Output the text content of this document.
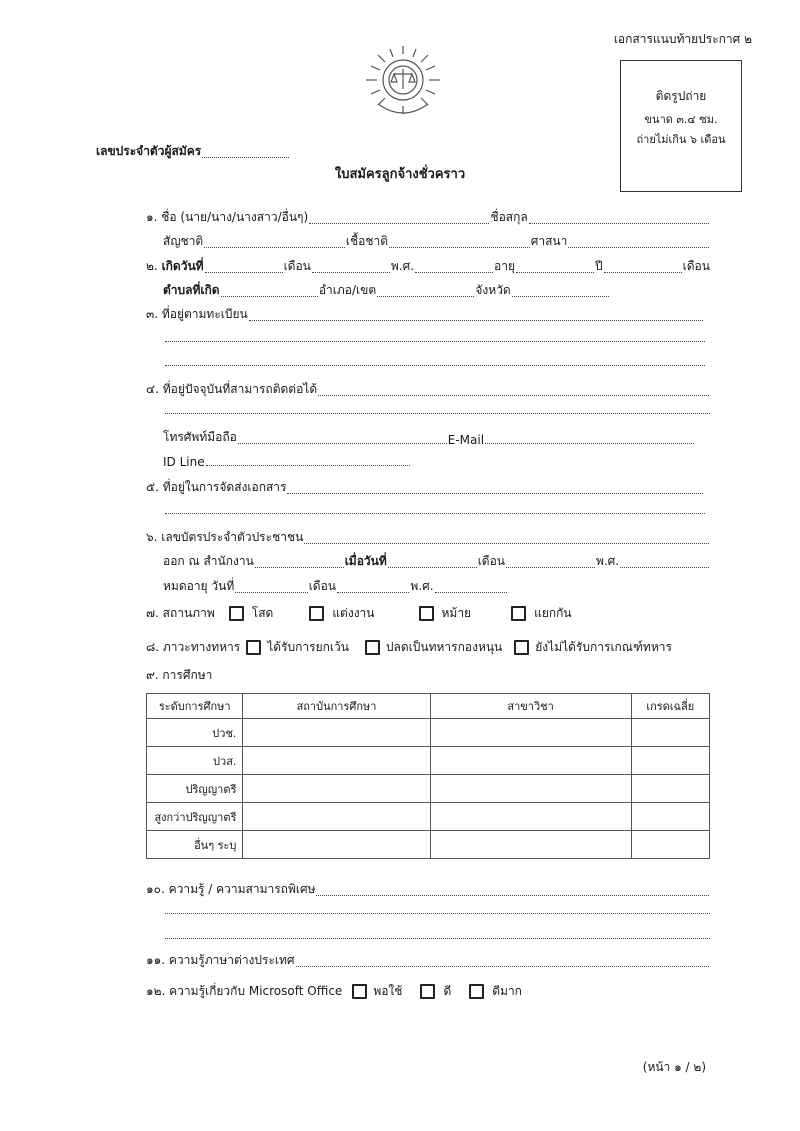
เอกสารแนบท้ายประกาศ ๒
ติดรูปถ่าย
ขนาด ๓.๔ ซม.
ถ่ายไม่เกิน ๖ เดือน
เลขประจำตัวผู้สมัคร
ใบสมัครลูกจ้างชั่วคราว
๑.
ชื่อ (นาย/นาง/นางสาว/อื่นๆ)	ชื่อสกุล
สัญชาติ	เชื้อชาติ	ศาสนา
๒.
เกิดวันที่	เดือน	พ.ศ.	อายุ	ปี	เดือน
ตำบลที่เกิด	อำเภอ/เขต	จังหวัด
๓. ที่อยู่ตามทะเบียน
๔. ที่อยู่ปัจจุบันที่สามารถติดต่อได้
โทรศัพท์มือถือ	E-Mail
ID Line
๕. ที่อยู่ในการจัดส่งเอกสาร
๖. เลขบัตรประจำตัวประชาชน
ออก ณ สำนักงาน	เมื่อวันที่	เดือน	พ.ศ.
หมดอายุ วันที่	เดือน	พ.ศ.
๗. สถานภาพ	โสด	แต่งงาน	หม้าย	แยกกัน
๘. ภาวะทางทหาร ได้รับการยกเว้น	ปลดเป็นทหารกองหนุน	ยังไม่ได้รับการเกณฑ์ทหาร
๙. การศึกษา
ระดับการศึกษา	สถาบันการศึกษา	สาขาวิชา	เกรดเฉลี่ย
ปวช.			
ปวส.			
ปริญญาตรี			
สูงกว่าปริญญาตรี			
อื่นๆ ระบุ			
๑๐. ความรู้ / ความสามารถพิเศษ
๑๑. ความรู้ภาษาต่างประเทศ
๑๒. ความรู้เกี่ยวกับ Microsoft Office	พอใช้	ดี	ดีมาก
(หน้า ๑ / ๒)
